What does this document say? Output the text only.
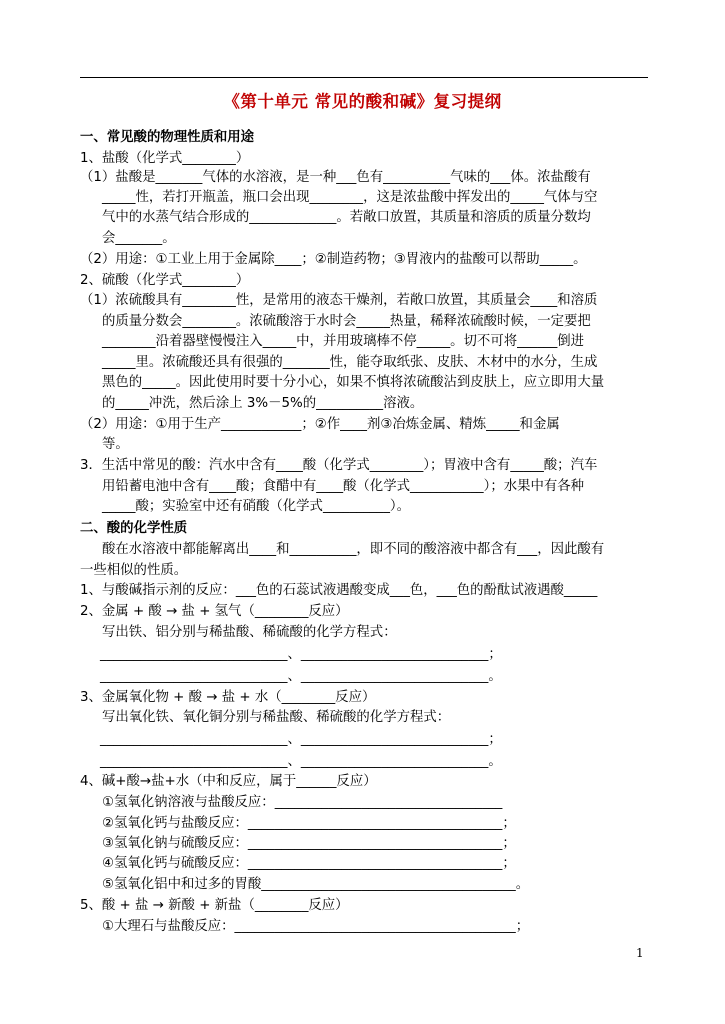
《第十单元 常见的酸和碱》复习提纲
一、常见酸的物理性质和用途
1、盐酸（化学式________）
（1）盐酸是_______气体的水溶液，是一种___色有__________气味的___体。浓盐酸有
_____性，若打开瓶盖，瓶口会出现________，这是浓盐酸中挥发出的_____气体与空
气中的水蒸气结合形成的_____________。若敞口放置，其质量和溶质的质量分数均
会_______。
（2）用途：①工业上用于金属除____；②制造药物；③胃液内的盐酸可以帮助_____。
2、硫酸（化学式________）
（1）浓硫酸具有________性，是常用的液态干燥剂，若敞口放置，其质量会____和溶质
的质量分数会________。浓硫酸溶于水时会_____热量，稀释浓硫酸时候，一定要把
________沿着器壁慢慢注入_____中，并用玻璃棒不停_____。切不可将______倒进
_____里。浓硫酸还具有很强的_______性，能夺取纸张、皮肤、木材中的水分，生成
黑色的_____。因此使用时要十分小心，如果不慎将浓硫酸沾到皮肤上，应立即用大量
的_____冲洗，然后涂上 3%－5%的__________溶液。
（2）用途：①用于生产____________；②作____剂③冶炼金属、精炼_____和金属
等。
3．生活中常见的酸：汽水中含有____酸（化学式________）；胃液中含有_____酸；汽车
用铅蓄电池中含有____酸；食醋中有____酸（化学式___________）；水果中有各种
_____酸；实验室中还有硝酸（化学式__________）。
二、酸的化学性质
酸在水溶液中都能解离出____和__________，即不同的酸溶液中都含有___，因此酸有
一些相似的性质。
1、与酸碱指示剂的反应：___色的石蕊试液遇酸变成___色，___色的酚酞试液遇酸_____
2、金属 + 酸 → 盐 + 氢气（________反应）
写出铁、铝分别与稀盐酸、稀硫酸的化学方程式：
____________________________、____________________________；
____________________________、____________________________。
3、金属氧化物 + 酸 → 盐 + 水（________反应）
写出氧化铁、氧化铜分别与稀盐酸、稀硫酸的化学方程式：
____________________________、____________________________；
____________________________、____________________________。
4、碱+酸→盐+水（中和反应，属于______反应）
①氢氧化钠溶液与盐酸反应：__________________________________
②氢氧化钙与盐酸反应：______________________________________；
③氢氧化钠与硫酸反应：______________________________________；
④氢氧化钙与硫酸反应：______________________________________；
⑤氢氧化铝中和过多的胃酸______________________________________。
5、酸 + 盐 → 新酸 + 新盐（________反应）
①大理石与盐酸反应：__________________________________________；
1
